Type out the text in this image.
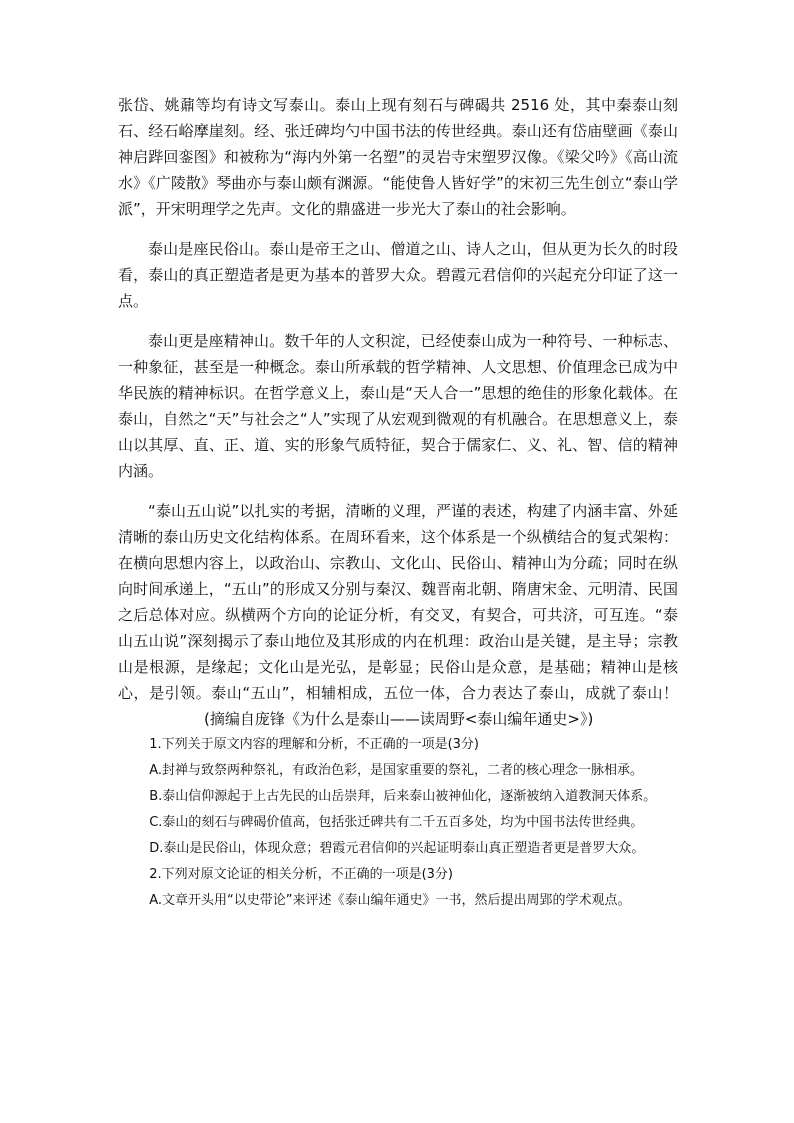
张岱、姚鼐等均有诗文写泰山。泰山上现有刻石与碑碣共 2516 处，其中秦泰山刻石、经石峪摩崖刻。经、张迁碑均勺中国书法的传世经典。泰山还有岱庙壁画《泰山神启跸回銮图》和被称为“海内外第一名塑”的灵岩寺宋塑罗汉像。《梁父吟》《高山流水》《广陵散》琴曲亦与泰山颇有渊源。“能使鲁人皆好学”的宋初三先生创立“泰山学派”，开宋明理学之先声。文化的鼎盛进一步光大了泰山的社会影响。

泰山是座民俗山。泰山是帝王之山、僧道之山、诗人之山，但从更为长久的时段看，泰山的真正塑造者是更为基本的普罗大众。碧霞元君信仰的兴起充分印证了这一点。

泰山更是座精神山。数千年的人文积淀，已经使泰山成为一种符号、一种标志、一种象征，甚至是一种概念。泰山所承载的哲学精神、人文思想、价值理念已成为中华民族的精神标识。在哲学意义上，泰山是“天人合一”思想的绝佳的形象化载体。在泰山，自然之“天”与社会之“人”实现了从宏观到微观的有机融合。在思想意义上，泰山以其厚、直、正、道、实的形象气质特征，契合于儒家仁、义、礼、智、信的精神内涵。

“泰山五山说”以扎实的考据，清晰的义理，严谨的表述，构建了内涵丰富、外延清晰的泰山历史文化结构体系。在周环看来，这个体系是一个纵横结合的复式架构：在横向思想内容上，以政治山、宗教山、文化山、民俗山、精神山为分疏；同时在纵向时间承递上，“五山”的形成又分别与秦汉、魏晋南北朝、隋唐宋金、元明清、民国之后总体对应。纵横两个方向的论证分析，有交叉，有契合，可共济，可互连。“泰山五山说”深刻揭示了泰山地位及其形成的内在机理：政治山是关键，是主导；宗教山是根源，是缘起；文化山是光弘，是彰显；民俗山是众意，是基础；精神山是核心，是引领。泰山“五山”，相辅相成，五位一体，合力表达了泰山，成就了泰山！(摘编自庞锋《为什么是泰山——读周野<泰山编年通史>》)

1.下列关于原文内容的理解和分析，不正确的一项是(3分)

A.封禅与致祭两种祭礼，有政治色彩，是国家重要的祭礼，二者的核心理念一脉相承。

B.泰山信仰源起于上古先民的山岳崇拜，后来泰山被神仙化，逐渐被纳入道教洞天体系。

C.泰山的刻石与碑碣价值高，包括张迁碑共有二千五百多处，均为中国书法传世经典。

D.泰山是民俗山，体现众意；碧霞元君信仰的兴起证明泰山真正塑造者更是普罗大众。

2.下列对原文论证的相关分析，不正确的一项是(3分)

A.文章开头用“以史带论”来评述《泰山编年通史》一书，然后提出周郢的学术观点。
